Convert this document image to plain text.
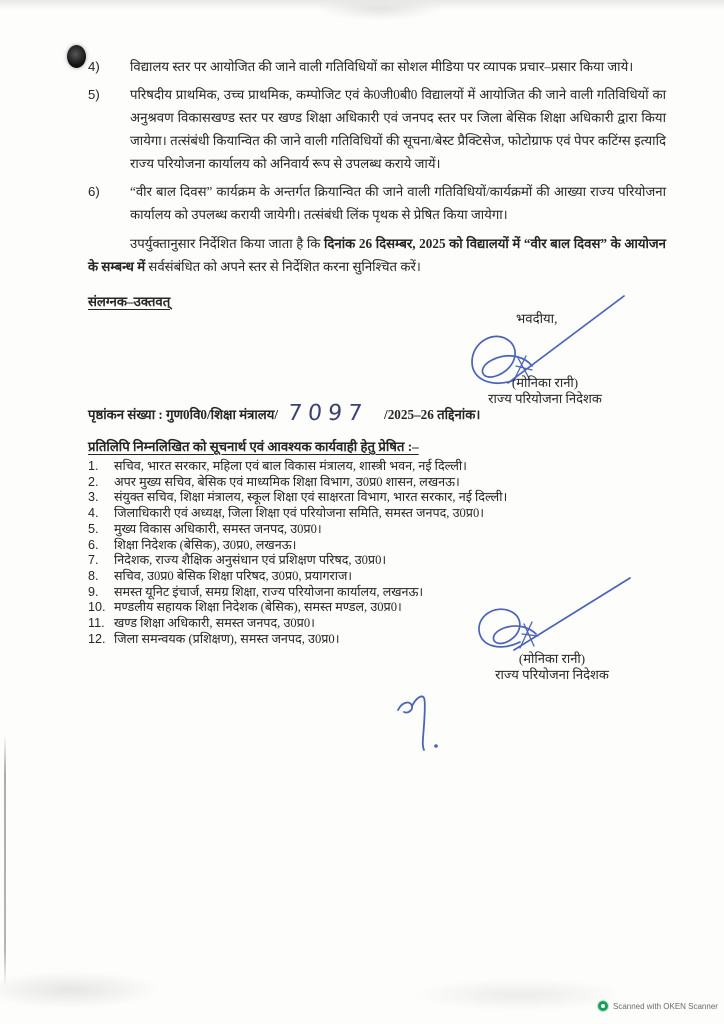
4)	विद्यालय स्तर पर आयोजित की जाने वाली गतिविधियों का सोशल मीडिया पर व्यापक प्रचार–प्रसार किया जाये।
5)	परिषदीय प्राथमिक, उच्च प्राथमिक, कम्पोजिट एवं के0जी0बी0 विद्यालयों में आयोजित की जाने वाली गतिविधियों का अनुश्रवण विकासखण्ड स्तर पर खण्ड शिक्षा अधिकारी एवं जनपद स्तर पर जिला बेसिक शिक्षा अधिकारी द्वारा किया जायेगा। तत्संबंधी कियान्वित की जाने वाली गतिविधियों की सूचना/बेस्ट प्रैक्टिसेज, फोटोग्राफ एवं पेपर कटिंग्स इत्यादि राज्य परियोजना कार्यालय को अनिवार्य रूप से उपलब्ध कराये जायें।
6)	“वीर बाल दिवस” कार्यक्रम के अन्तर्गत क्रियान्वित की जाने वाली गतिविधियों/कार्यक्रमों की आख्या राज्य परियोजना कार्यालय को उपलब्ध करायी जायेगी। तत्संबंधी लिंक पृथक से प्रेषित किया जायेगा।

उपर्युक्तानुसार निर्देशित किया जाता है कि दिनांक 26 दिसम्बर, 2025 को विद्यालयों में “वीर बाल दिवस” के आयोजन के सम्बन्ध में सर्वसंबंधित को अपने स्तर से निर्देशित करना सुनिश्चित करें।

संलग्नक–उक्तवत्
भवदीया,
(मोनिका रानी)
राज्य परियोजना निदेशक
पृष्ठांकन संख्या : गुण0वि0/शिक्षा मंत्रालय/ 7097 /2025–26 तद्दिनांक।
प्रतिलिपि निम्नलिखित को सूचनार्थ एवं आवश्यक कार्यवाही हेतु प्रेषित :–
1.	सचिव, भारत सरकार, महिला एवं बाल विकास मंत्रालय, शास्त्री भवन, नई दिल्ली।
2.	अपर मुख्य सचिव, बेसिक एवं माध्यमिक शिक्षा विभाग, उ0प्र0 शासन, लखनऊ।
3.	संयुक्त सचिव, शिक्षा मंत्रालय, स्कूल शिक्षा एवं साक्षरता विभाग, भारत सरकार, नई दिल्ली।
4.	जिलाधिकारी एवं अध्यक्ष, जिला शिक्षा एवं परियोजना समिति, समस्त जनपद, उ0प्र0।
5.	मुख्य विकास अधिकारी, समस्त जनपद, उ0प्र0।
6.	शिक्षा निदेशक (बेसिक), उ0प्र0, लखनऊ।
7.	निदेशक, राज्य शैक्षिक अनुसंधान एवं प्रशिक्षण परिषद, उ0प्र0।
8.	सचिव, उ0प्र0 बेसिक शिक्षा परिषद, उ0प्र0, प्रयागराज।
9.	समस्त यूनिट इंचार्ज, समग्र शिक्षा, राज्य परियोजना कार्यालय, लखनऊ।
10. मण्डलीय सहायक शिक्षा निदेशक (बेसिक), समस्त मण्डल, उ0प्र0।
11. खण्ड शिक्षा अधिकारी, समस्त जनपद, उ0प्र0।
12. जिला समन्वयक (प्रशिक्षण), समस्त जनपद, उ0प्र0।
(मोनिका रानी)
राज्य परियोजना निदेशक
Scanned with OKEN Scanner
